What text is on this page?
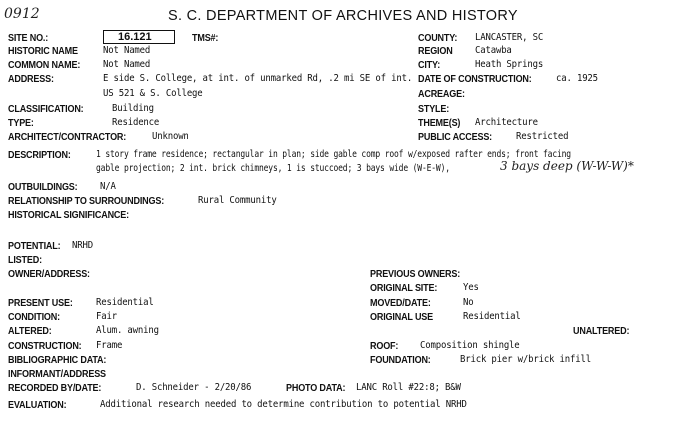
0912	S. C. DEPARTMENT OF ARCHIVES AND HISTORY
SITE NO.:	16.121	TMS#:	COUNTY: LANCASTER, SC
HISTORIC NAME	Not Named	REGION Catawba
COMMON NAME: Not Named	CITY:	Heath Springs
ADDRESS:	E side S. College, at int. of unmarked Rd, .2 mi SE of int. DATE OF CONSTRUCTION: ca. 1925
US 521 & S. College	ACREAGE:
CLASSIFICATION:	Building	STYLE:
TYPE:	Residence	THEME(S) Architecture
ARCHITECT/CONTRACTOR:	Unknown	PUBLIC ACCESS: Restricted
DESCRIPTION:	1 story frame residence; rectangular in plan; side gable comp roof w/exposed rafter ends; front facing
gable projection; 2 int. brick chimneys, 1 is stuccoed; 3 bays wide (W-E-W),	3 bays deep (W-W-W)*
OUTBUILDINGS: N/A
RELATIONSHIP TO SURROUNDINGS:	Rural Community
HISTORICAL SIGNIFICANCE:
POTENTIAL: NRHD
LISTED:
OWNER/ADDRESS:	PREVIOUS OWNERS:
ORIGINAL SITE:	Yes
PRESENT USE: Residential	MOVED/DATE:	No
CONDITION:	Fair	ORIGINAL USE	Residential
ALTERED:	Alum. awning	UNALTERED:
CONSTRUCTION: Frame	ROOF: Composition shingle
BIBLIOGRAPHIC DATA:	FOUNDATION:	Brick pier w/brick infill
INFORMANT/ADDRESS
RECORDED BY/DATE:	D. Schneider - 2/20/86	PHOTO DATA: LANC Roll #22:8; B&W
EVALUATION:	Additional research needed to determine contribution to potential NRHD
